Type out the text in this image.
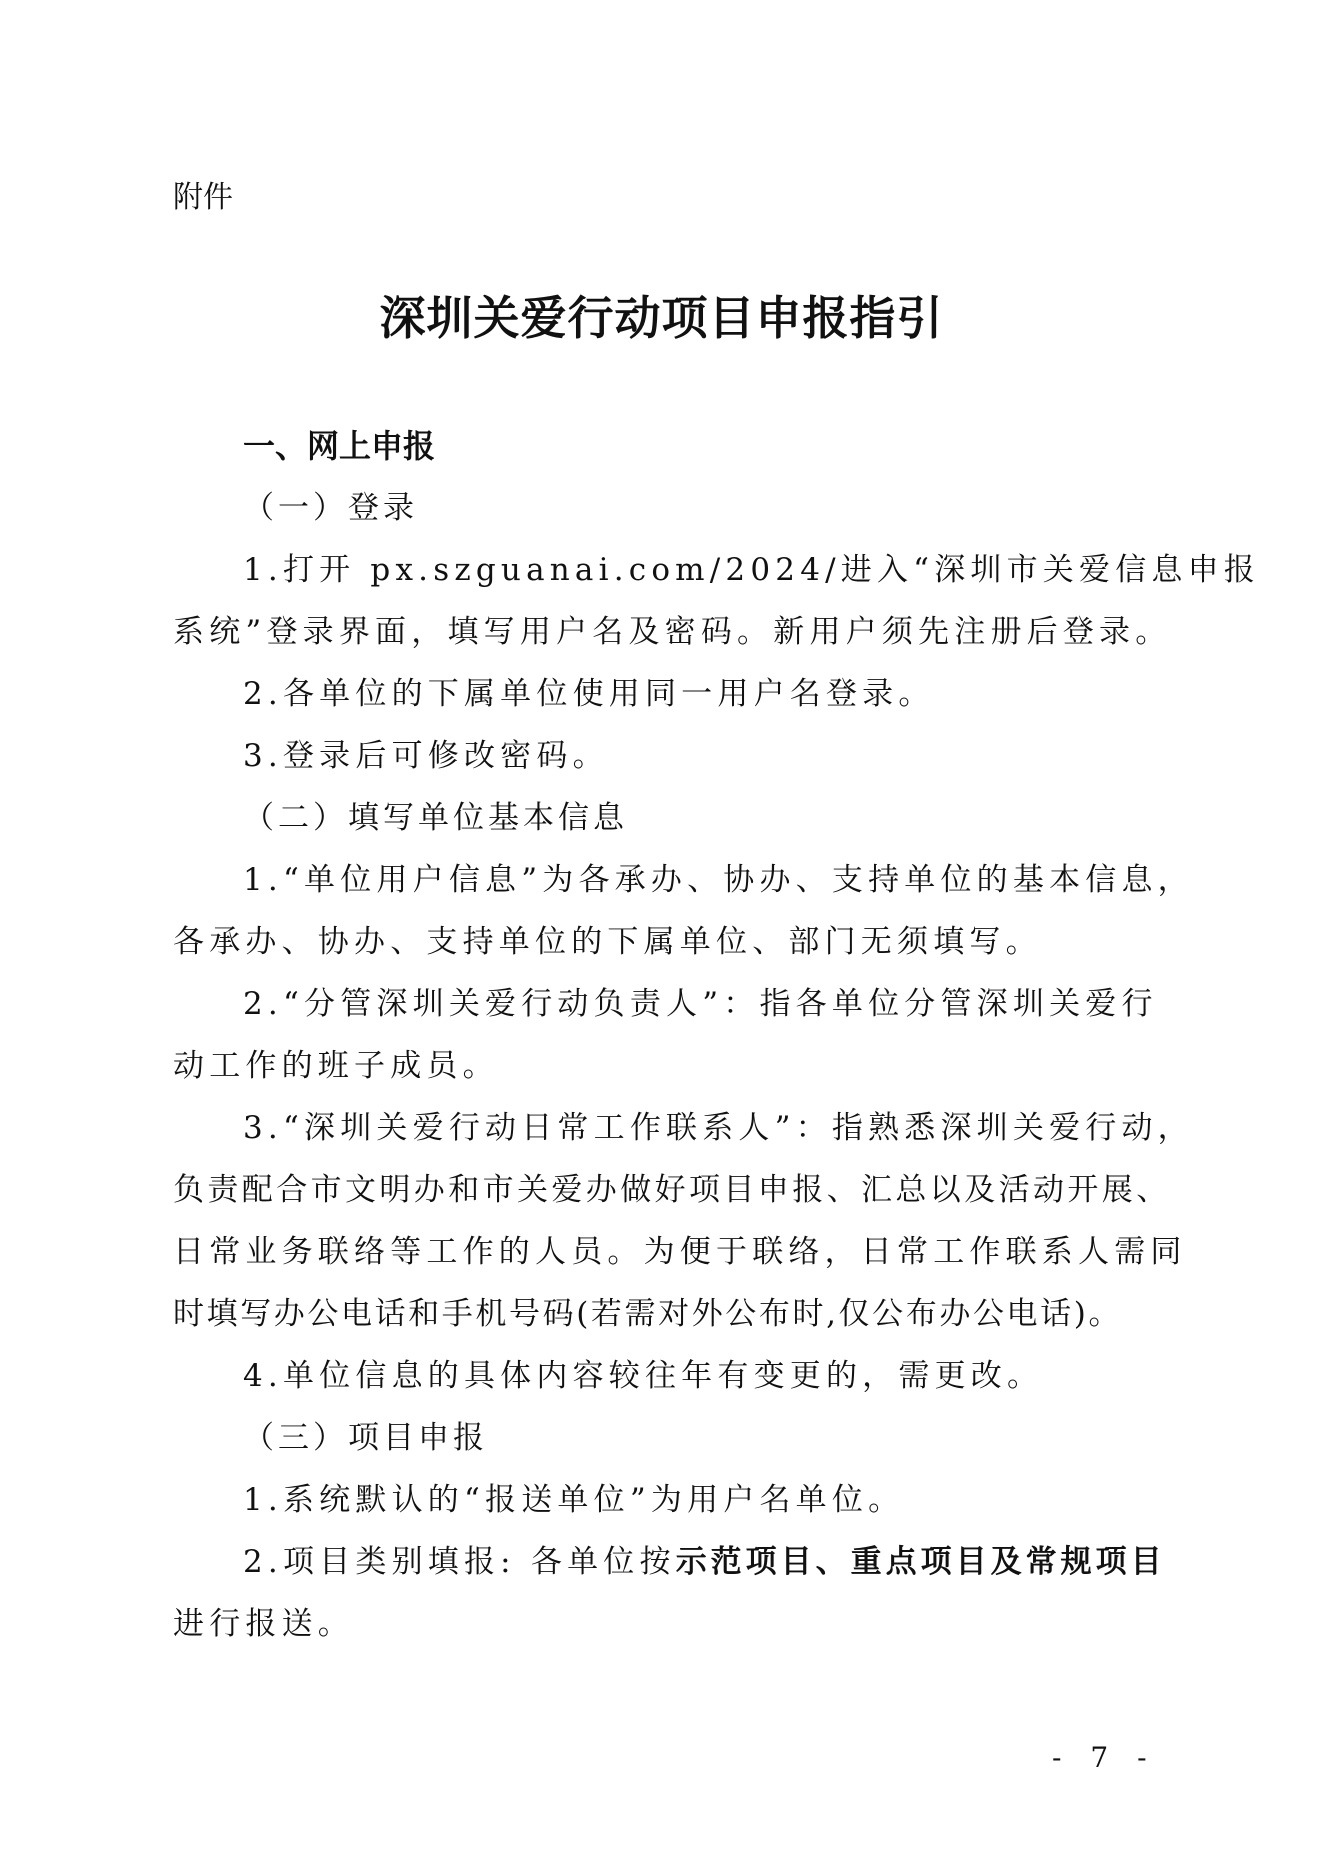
附件
深圳关爱行动项目申报指引
一、网上申报
（一）登录
1.打开 px.szguanai.com/2024/进入“深圳市关爱信息申报
系统”登录界面，填写用户名及密码。新用户须先注册后登录。
2.各单位的下属单位使用同一用户名登录。
3.登录后可修改密码。
（二）填写单位基本信息
1.“单位用户信息”为各承办、协办、支持单位的基本信息，
各承办、协办、支持单位的下属单位、部门无须填写。
2.“分管深圳关爱行动负责人”：指各单位分管深圳关爱行
动工作的班子成员。
3.“深圳关爱行动日常工作联系人”：指熟悉深圳关爱行动，
负责配合市文明办和市关爱办做好项目申报、汇总以及活动开展、
日常业务联络等工作的人员。为便于联络，日常工作联系人需同
时填写办公电话和手机号码(若需对外公布时,仅公布办公电话)。
4.单位信息的具体内容较往年有变更的，需更改。
（三）项目申报
1.系统默认的“报送单位”为用户名单位。
2.项目类别填报: 各单位按示范项目、重点项目及常规项目
进行报送。
- 7 -
